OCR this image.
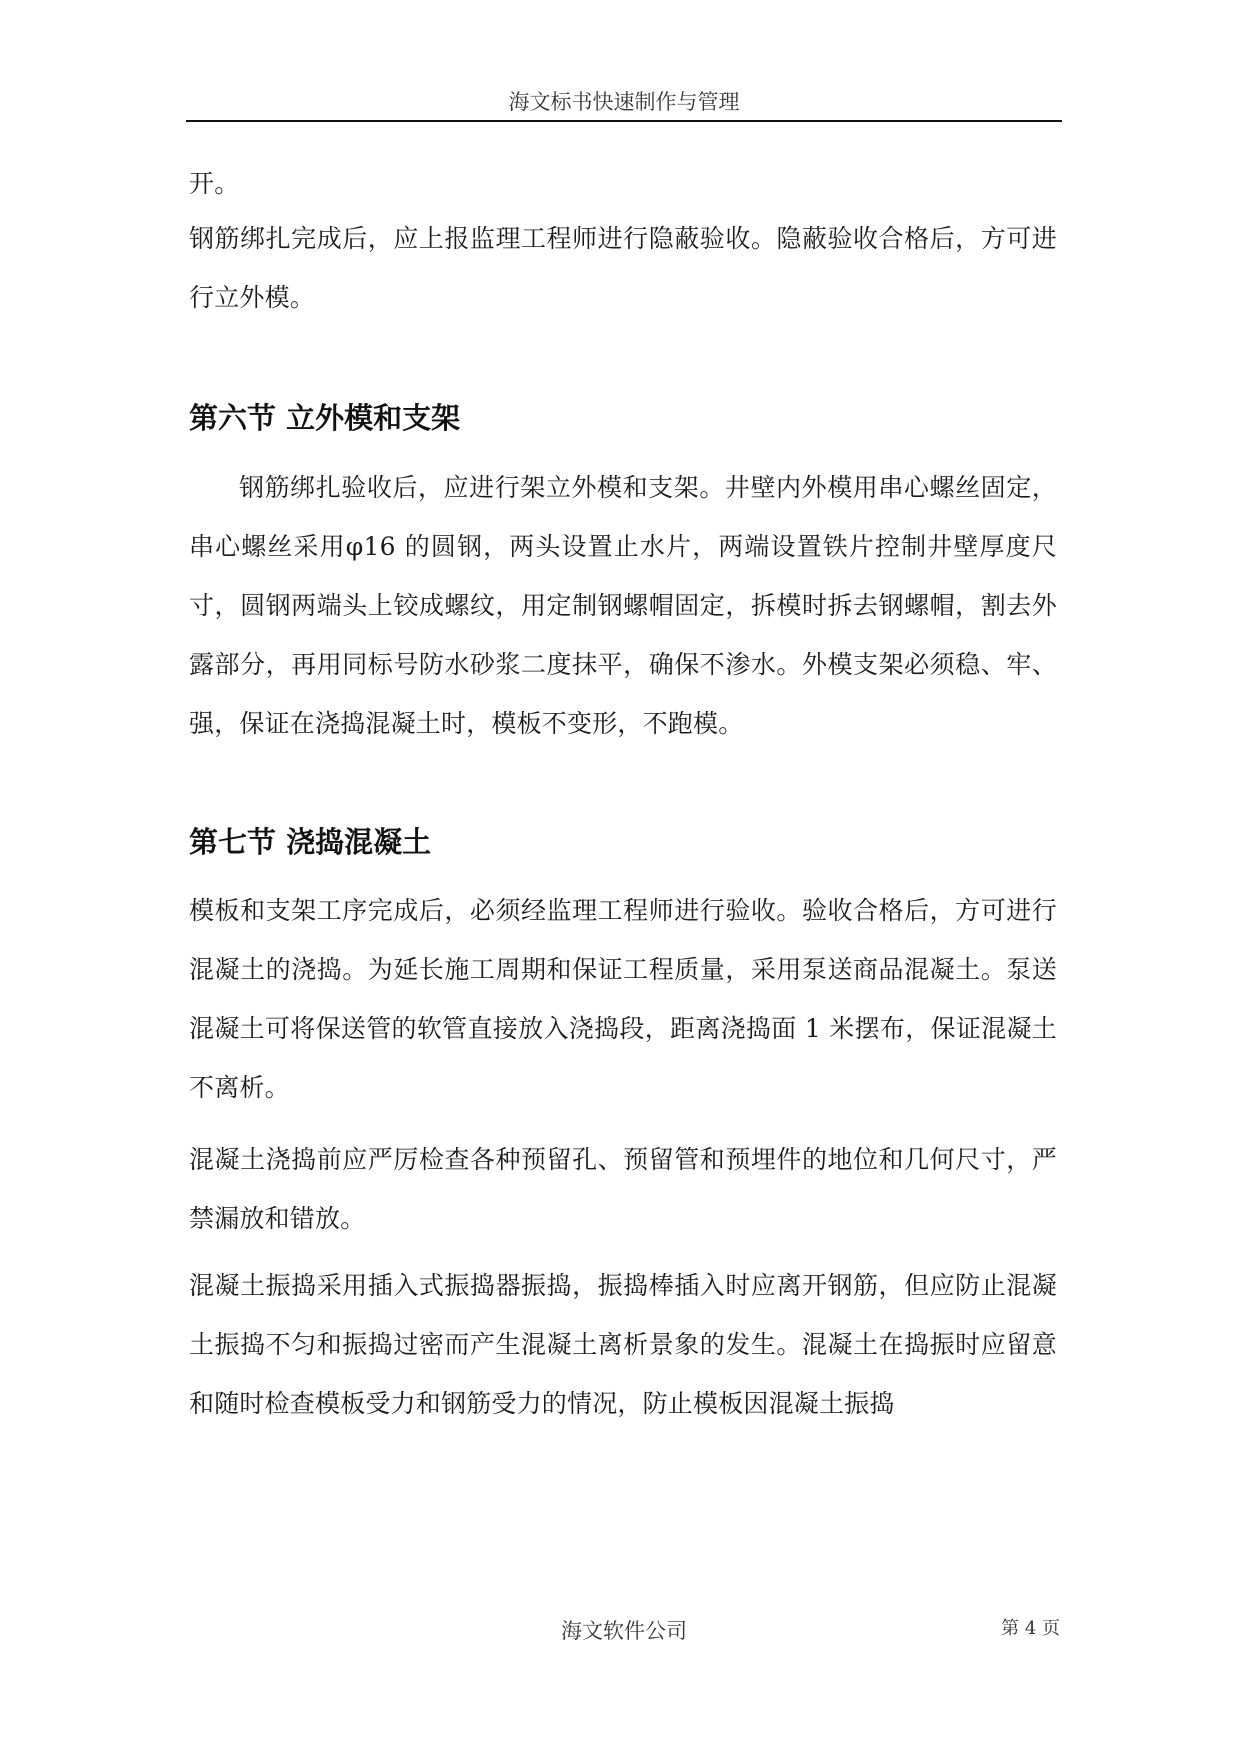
海文标书快速制作与管理

开。

钢筋绑扎完成后，应上报监理工程师进行隐蔽验收。隐蔽验收合格后，方可进行立外模。

第六节 立外模和支架

钢筋绑扎验收后，应进行架立外模和支架。井壁内外模用串心螺丝固定，串心螺丝采用φ16 的圆钢，两头设置止水片，两端设置铁片控制井壁厚度尺寸，圆钢两端头上铰成螺纹，用定制钢螺帽固定，拆模时拆去钢螺帽，割去外露部分，再用同标号防水砂浆二度抹平，确保不渗水。外模支架必须稳、牢、强，保证在浇捣混凝土时，模板不变形，不跑模。

第七节 浇捣混凝土

模板和支架工序完成后，必须经监理工程师进行验收。验收合格后，方可进行混凝土的浇捣。为延长施工周期和保证工程质量，采用泵送商品混凝土。泵送混凝土可将保送管的软管直接放入浇捣段，距离浇捣面 1 米摆布，保证混凝土不离析。

混凝土浇捣前应严厉检查各种预留孔、预留管和预埋件的地位和几何尺寸，严禁漏放和错放。

混凝土振捣采用插入式振捣器振捣，振捣棒插入时应离开钢筋，但应防止混凝土振捣不匀和振捣过密而产生混凝土离析景象的发生。混凝土在捣振时应留意和随时检查模板受力和钢筋受力的情况，防止模板因混凝土振捣

海文软件公司	第 4 页
